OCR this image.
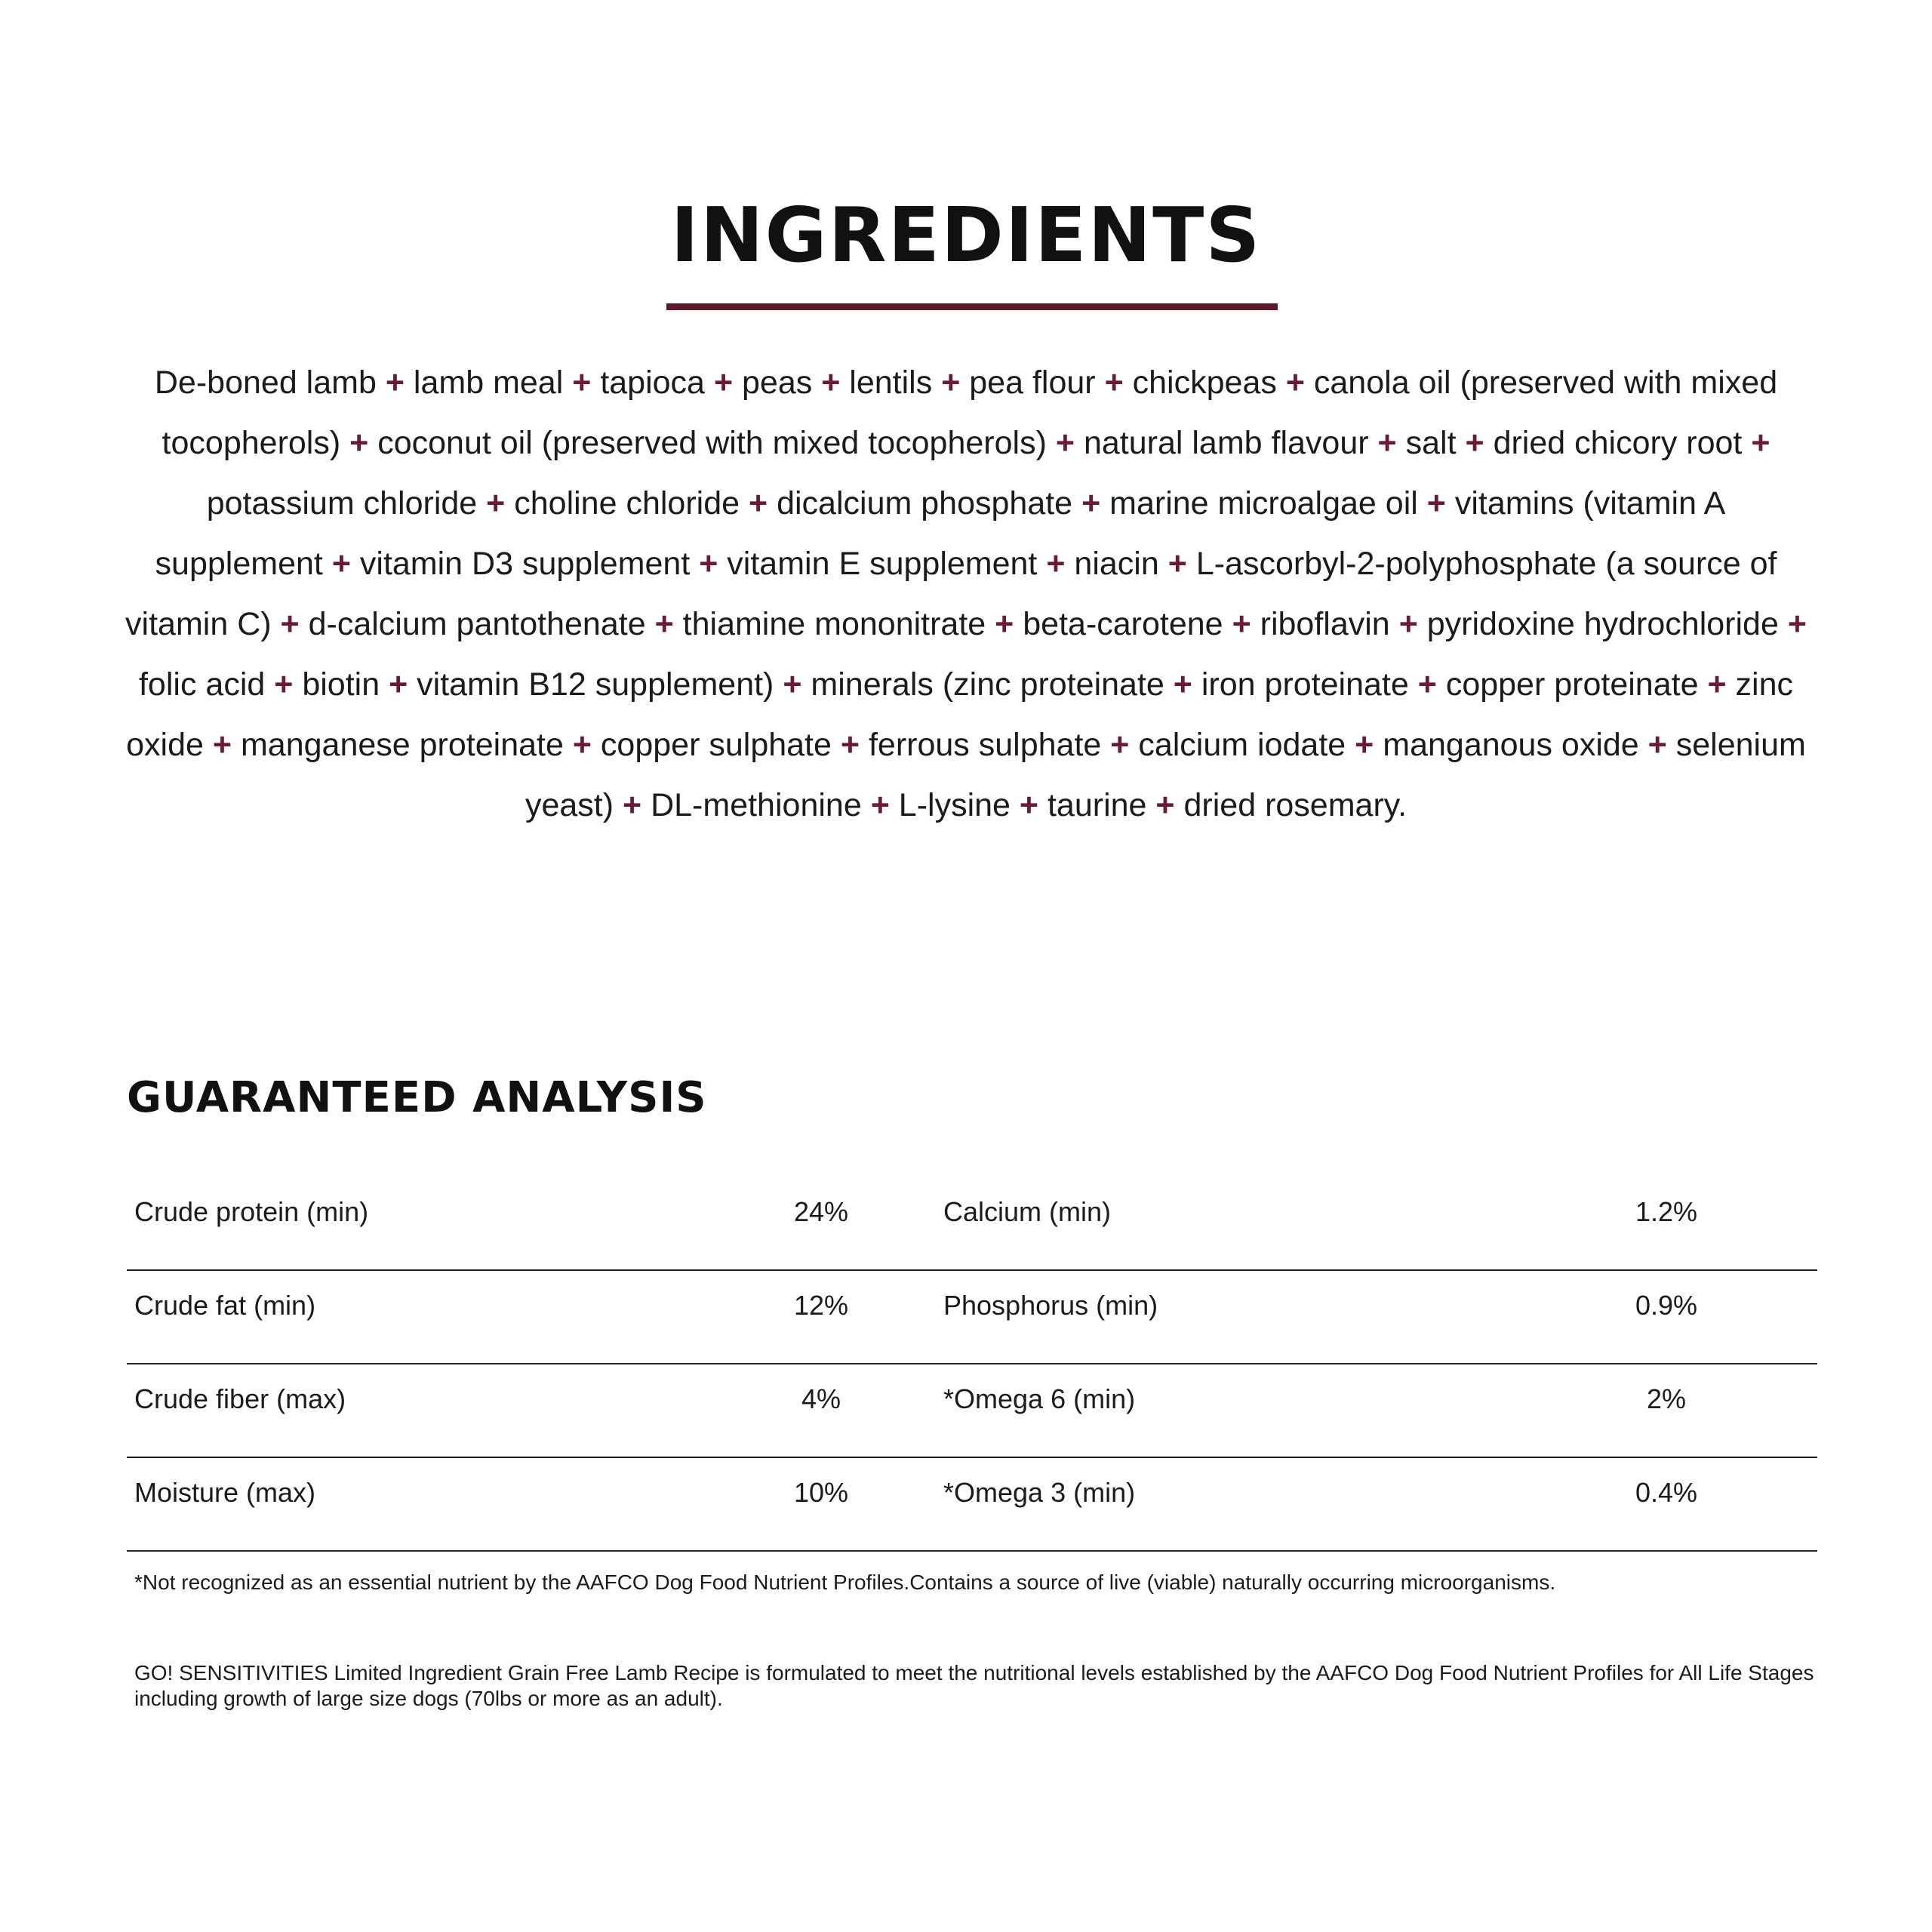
INGREDIENTS

De-boned lamb + lamb meal + tapioca + peas + lentils + pea flour + chickpeas + canola oil (preserved with mixed tocopherols) + coconut oil (preserved with mixed tocopherols) + natural lamb flavour + salt + dried chicory root + potassium chloride + choline chloride + dicalcium phosphate + marine microalgae oil + vitamins (vitamin A supplement + vitamin D3 supplement + vitamin E supplement + niacin + L-ascorbyl-2-polyphosphate (a source of vitamin C) + d-calcium pantothenate + thiamine mononitrate + beta-carotene + riboflavin + pyridoxine hydrochloride + folic acid + biotin + vitamin B12 supplement) + minerals (zinc proteinate + iron proteinate + copper proteinate + zinc oxide + manganese proteinate + copper sulphate + ferrous sulphate + calcium iodate + manganous oxide + selenium yeast) + DL-methionine + L-lysine + taurine + dried rosemary.

GUARANTEED ANALYSIS
Crude protein (min)	24%	Calcium (min)	1.2%
Crude fat (min)	12%	Phosphorus (min)	0.9%
Crude fiber (max)	4%	*Omega 6 (min)	2%
Moisture (max)	10%	*Omega 3 (min)	0.4%

*Not recognized as an essential nutrient by the AAFCO Dog Food Nutrient Profiles.Contains a source of live (viable) naturally occurring microorganisms.

GO! SENSITIVITIES Limited Ingredient Grain Free Lamb Recipe is formulated to meet the nutritional levels established by the AAFCO Dog Food Nutrient Profiles for All Life Stages including growth of large size dogs (70lbs or more as an adult).
